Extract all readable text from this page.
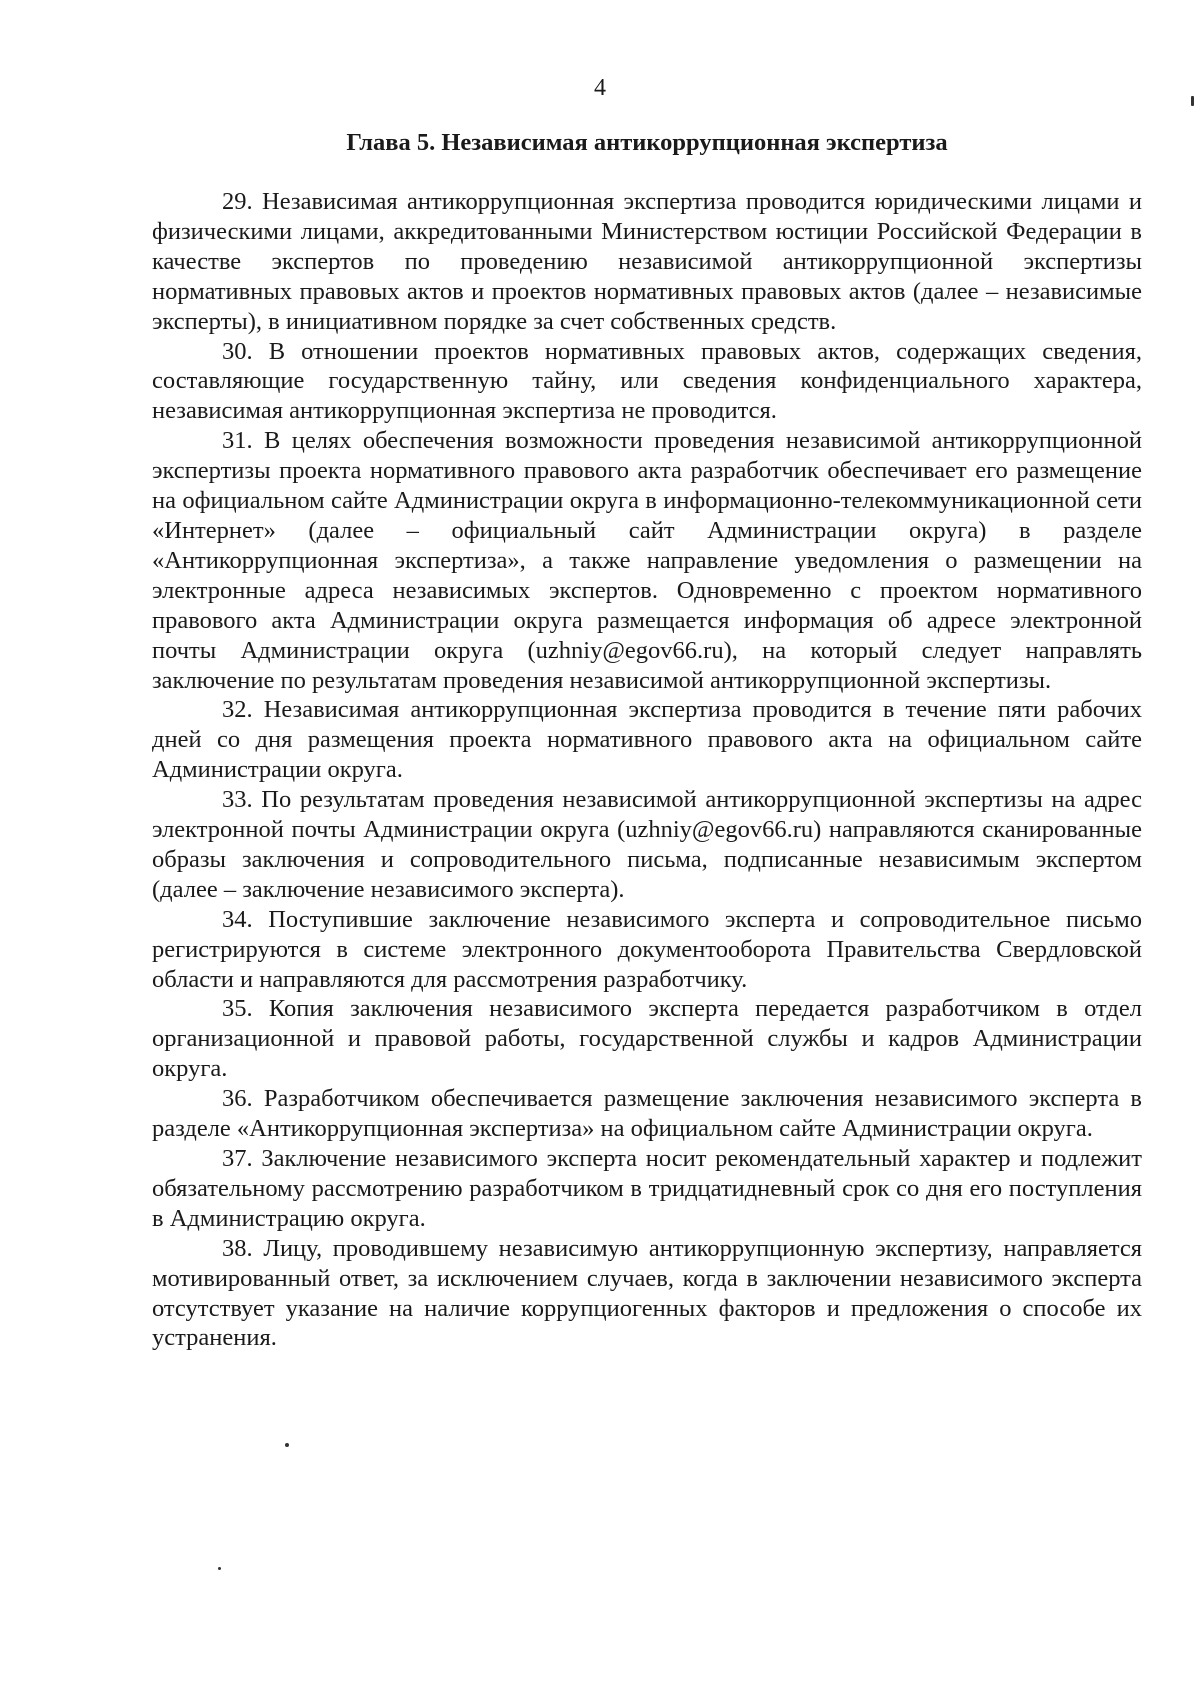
4
Глава 5. Независимая антикоррупционная экспертиза

29. Независимая антикоррупционная экспертиза проводится юридическими лицами и физическими лицами, аккредитованными Министерством юстиции Российской Федерации в качестве экспертов по проведению независимой антикоррупционной экспертизы нормативных правовых актов и проектов нормативных правовых актов (далее – независимые эксперты), в инициативном порядке за счет собственных средств.

30. В отношении проектов нормативных правовых актов, содержащих сведения, составляющие государственную тайну, или сведения конфиденциального характера, независимая антикоррупционная экспертиза не проводится.

31. В целях обеспечения возможности проведения независимой антикоррупционной экспертизы проекта нормативного правового акта разработчик обеспечивает его размещение на официальном сайте Администрации округа в информационно-телекоммуникационной сети «Интернет» (далее – официальный сайт Администрации округа) в разделе «Антикоррупционная экспертиза», а также направление уведомления о размещении на электронные адреса независимых экспертов. Одновременно с проектом нормативного правового акта Администрации округа размещается информация об адресе электронной почты Администрации округа (uzhniy@egov66.ru), на который следует направлять заключение по результатам проведения независимой антикоррупционной экспертизы.

32. Независимая антикоррупционная экспертиза проводится в течение пяти рабочих дней со дня размещения проекта нормативного правового акта на официальном сайте Администрации округа.

33. По результатам проведения независимой антикоррупционной экспертизы на адрес электронной почты Администрации округа (uzhniy@egov66.ru) направляются сканированные образы заключения и сопроводительного письма, подписанные независимым экспертом (далее – заключение независимого эксперта).

34. Поступившие заключение независимого эксперта и сопроводительное письмо регистрируются в системе электронного документооборота Правительства Свердловской области и направляются для рассмотрения разработчику.

35. Копия заключения независимого эксперта передается разработчиком в отдел организационной и правовой работы, государственной службы и кадров Администрации округа.

36. Разработчиком обеспечивается размещение заключения независимого эксперта в разделе «Антикоррупционная экспертиза» на официальном сайте Администрации округа.

37. Заключение независимого эксперта носит рекомендательный характер и подлежит обязательному рассмотрению разработчиком в тридцатидневный срок со дня его поступления в Администрацию округа.

38. Лицу, проводившему независимую антикоррупционную экспертизу, направляется мотивированный ответ, за исключением случаев, когда в заключении независимого эксперта отсутствует указание на наличие коррупциогенных факторов и предложения о способе их устранения.
